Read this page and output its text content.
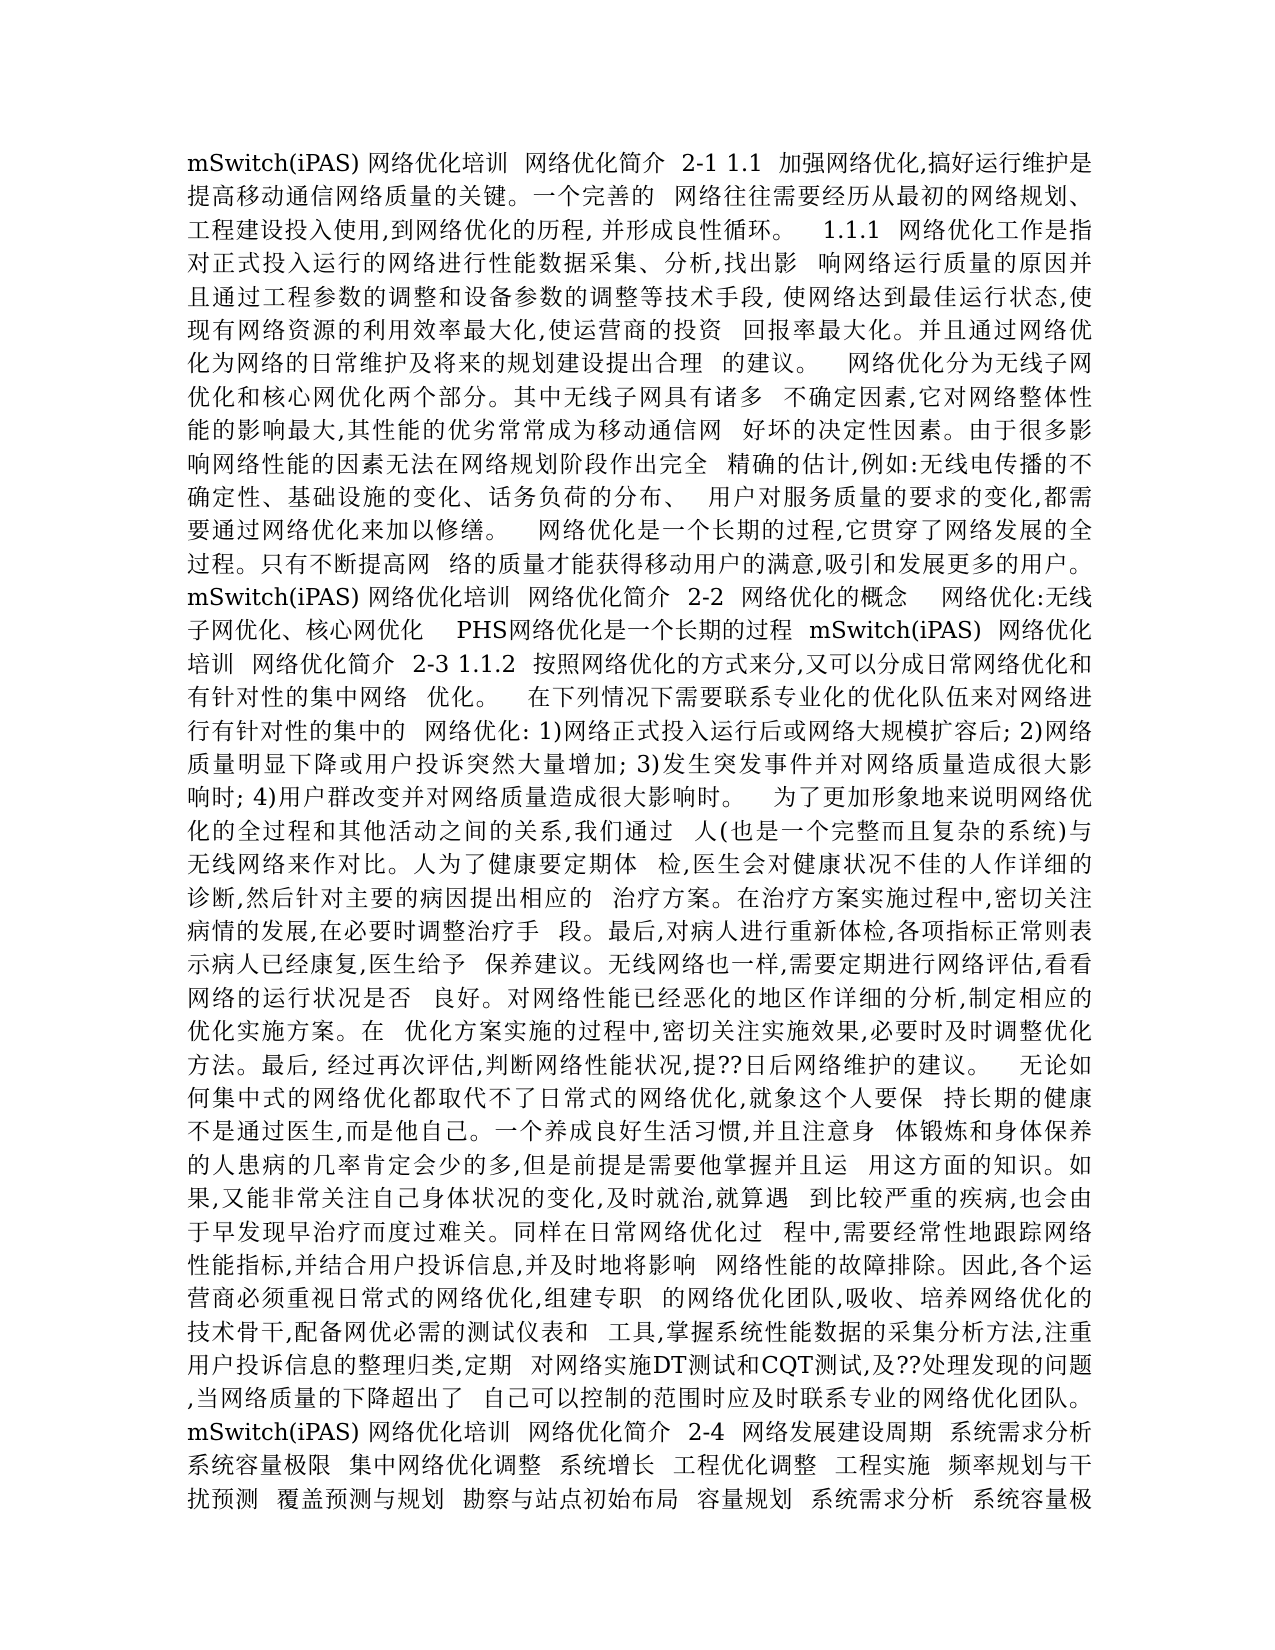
mSwitch(iPAS) 网络优化培训  网络优化简介  2-1 1.1  加强网络优化,搞好运行维护是
提高移动通信网络质量的关键。一个完善的  网络往往需要经历从最初的网络规划、
工程建设投入使用,到网络优化的历程, 并形成良性循环。   1.1.1  网络优化工作是指
对正式投入运行的网络进行性能数据采集、分析,找出影  响网络运行质量的原因并
且通过工程参数的调整和设备参数的调整等技术手段, 使网络达到最佳运行状态,使
现有网络资源的利用效率最大化,使运营商的投资  回报率最大化。并且通过网络优
化为网络的日常维护及将来的规划建设提出合理  的建议。   网络优化分为无线子网
优化和核心网优化两个部分。其中无线子网具有诸多  不确定因素,它对网络整体性
能的影响最大,其性能的优劣常常成为移动通信网  好坏的决定性因素。由于很多影
响网络性能的因素无法在网络规划阶段作出完全  精确的估计,例如:无线电传播的不
确定性、基础设施的变化、话务负荷的分布、  用户对服务质量的要求的变化,都需
要通过网络优化来加以修缮。   网络优化是一个长期的过程,它贯穿了网络发展的全
过程。只有不断提高网  络的质量才能获得移动用户的满意,吸引和发展更多的用户。
mSwitch(iPAS) 网络优化培训  网络优化简介  2-2  网络优化的概念    网络优化:无线
子网优化、核心网优化    PHS网络优化是一个长期的过程  mSwitch(iPAS)  网络优化
培训  网络优化简介  2-3 1.1.2  按照网络优化的方式来分,又可以分成日常网络优化和
有针对性的集中网络  优化。   在下列情况下需要联系专业化的优化队伍来对网络进
行有针对性的集中的  网络优化: 1)网络正式投入运行后或网络大规模扩容后; 2)网络
质量明显下降或用户投诉突然大量增加; 3)发生突发事件并对网络质量造成很大影
响时; 4)用户群改变并对网络质量造成很大影响时。   为了更加形象地来说明网络优
化的全过程和其他活动之间的关系,我们通过  人(也是一个完整而且复杂的系统)与
无线网络来作对比。人为了健康要定期体  检,医生会对健康状况不佳的人作详细的
诊断,然后针对主要的病因提出相应的  治疗方案。在治疗方案实施过程中,密切关注
病情的发展,在必要时调整治疗手  段。最后,对病人进行重新体检,各项指标正常则表
示病人已经康复,医生给予  保养建议。无线网络也一样,需要定期进行网络评估,看看
网络的运行状况是否  良好。对网络性能已经恶化的地区作详细的分析,制定相应的
优化实施方案。在  优化方案实施的过程中,密切关注实施效果,必要时及时调整优化
方法。最后, 经过再次评估,判断网络性能状况,提??日后网络维护的建议。   无论如
何集中式的网络优化都取代不了日常式的网络优化,就象这个人要保  持长期的健康
不是通过医生,而是他自己。一个养成良好生活习惯,并且注意身  体锻炼和身体保养
的人患病的几率肯定会少的多,但是前提是需要他掌握并且运  用这方面的知识。如
果,又能非常关注自己身体状况的变化,及时就治,就算遇  到比较严重的疾病,也会由
于早发现早治疗而度过难关。同样在日常网络优化过  程中,需要经常性地跟踪网络
性能指标,并结合用户投诉信息,并及时地将影响  网络性能的故障排除。因此,各个运
营商必须重视日常式的网络优化,组建专职  的网络优化团队,吸收、培养网络优化的
技术骨干,配备网优必需的测试仪表和  工具,掌握系统性能数据的采集分析方法,注重
用户投诉信息的整理归类,定期  对网络实施DT测试和CQT测试,及??处理发现的问题
,当网络质量的下降超出了  自己可以控制的范围时应及时联系专业的网络优化团队。
mSwitch(iPAS) 网络优化培训  网络优化简介  2-4  网络发展建设周期  系统需求分析
系统容量极限  集中网络优化调整  系统增长  工程优化调整  工程实施  频率规划与干
扰预测  覆盖预测与规划  勘察与站点初始布局  容量规划  系统需求分析  系统容量极
